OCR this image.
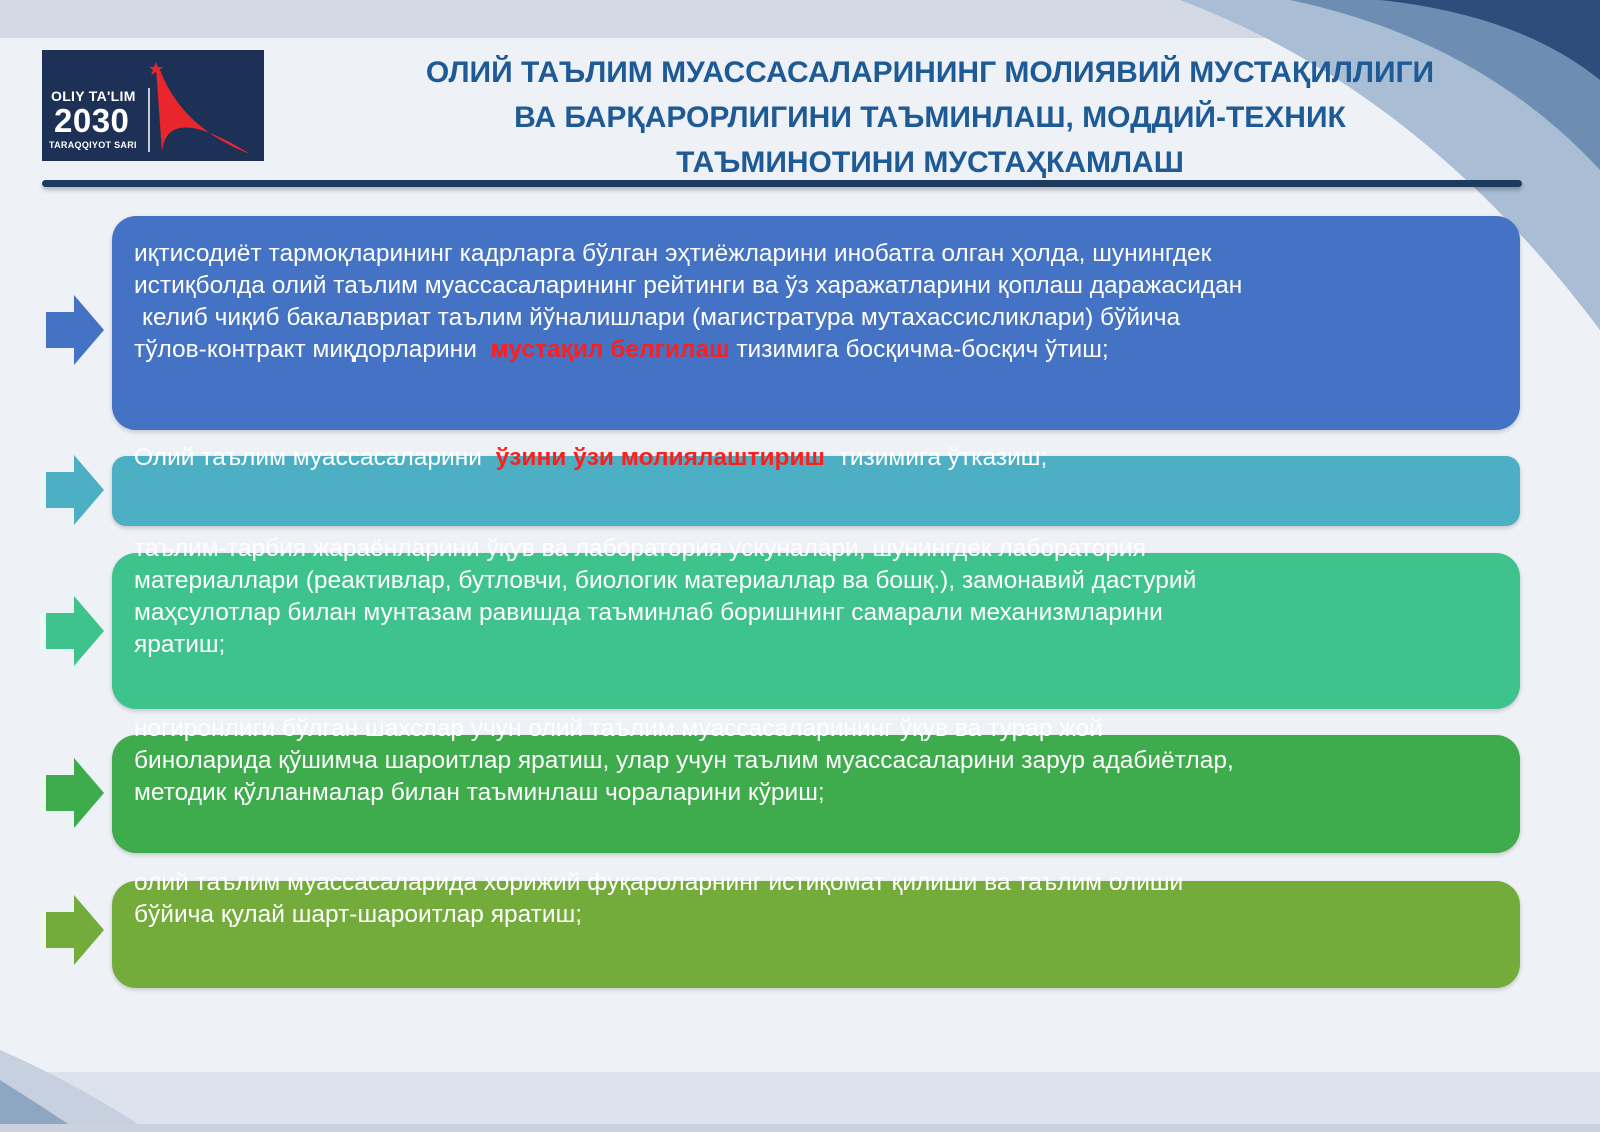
OLIY TA'LIM
2030
TARAQQIYOT SARI
ОЛИЙ ТАЪЛИМ МУАССАСАЛАРИНИНГ МОЛИЯВИЙ МУСТАҚИЛЛИГИ
ВА БАРҚАРОРЛИГИНИ ТАЪМИНЛАШ, МОДДИЙ-ТЕХНИК
ТАЪМИНОТИНИ МУСТАҲКАМЛАШ
иқтисодиёт тармоқларининг кадрларга бўлган эҳтиёжларини инобатга олган ҳолда, шунингдек
истиқболда олий таълим муассасаларининг рейтинги ва ўз харажатларини қоплаш даражасидан
келиб чиқиб бакалавриат таълим йўналишлари (магистратура мутахассисликлари) бўйича
тўлов-контракт миқдорларини мустақил белгилаш тизимига босқичма-босқич ўтиш;
Олий таълим муассасаларини ўзини ўзи молиялаштириш тизимига ўтказиш;
таълим-тарбия жараёнларини ўқув ва лаборатория ускуналари, шунингдек лаборатория
материаллари (реактивлар, бутловчи, биологик материаллар ва бошқ.), замонавий дастурий
маҳсулотлар билан мунтазам равишда таъминлаб боришнинг самарали механизмларини
яратиш;
ногиронлиги бўлган шахслар учун олий таълим муассасаларининг ўқув ва турар жой
биноларида қўшимча шароитлар яратиш, улар учун таълим муассасаларини зарур адабиётлар,
методик қўлланмалар билан таъминлаш чораларини кўриш;
олий таълим муассасаларида хорижий фуқароларнинг истиқомат қилиши ва таълим олиши
бўйича қулай шарт-шароитлар яратиш;
